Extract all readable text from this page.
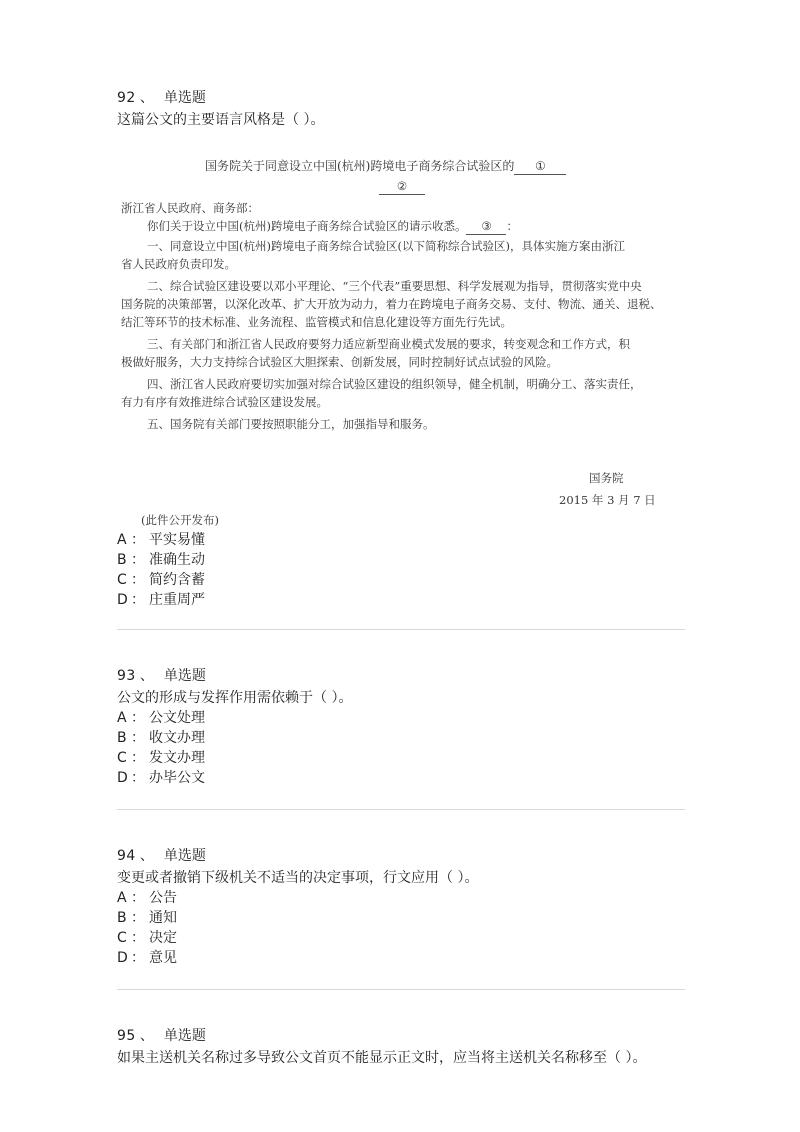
92 、 单选题
这篇公文的主要语言风格是（ ）。
国务院关于同意设立中国(杭州)跨境电子商务综合试验区的 ①
②
浙江省人民政府、商务部：
你们关于设立中国(杭州)跨境电子商务综合试验区的请示收悉。 ③ ：
一、同意设立中国(杭州)跨境电子商务综合试验区(以下简称综合试验区)，具体实施方案由浙江
省人民政府负责印发。
二、综合试验区建设要以邓小平理论、“三个代表”重要思想、科学发展观为指导，贯彻落实党中央
国务院的决策部署，以深化改革、扩大开放为动力，着力在跨境电子商务交易、支付、物流、通关、退税、
结汇等环节的技术标准、业务流程、监管模式和信息化建设等方面先行先试。
三、有关部门和浙江省人民政府要努力适应新型商业模式发展的要求，转变观念和工作方式，积
极做好服务，大力支持综合试验区大胆探索、创新发展，同时控制好试点试验的风险。
四、浙江省人民政府要切实加强对综合试验区建设的组织领导，健全机制，明确分工、落实责任，
有力有序有效推进综合试验区建设发展。
五、国务院有关部门要按照职能分工，加强指导和服务。
国务院
2015 年 3 月 7 日
(此件公开发布)
A ： 平实易懂
B ： 准确生动
C ： 简约含蓄
D ： 庄重周严
93 、 单选题
公文的形成与发挥作用需依赖于（ ）。
A ： 公文处理
B ： 收文办理
C ： 发文办理
D ： 办毕公文
94 、 单选题
变更或者撤销下级机关不适当的决定事项，行文应用（ ）。
A ： 公告
B ： 通知
C ： 决定
D ： 意见
95 、 单选题
如果主送机关名称过多导致公文首页不能显示正文时，应当将主送机关名称移至（ ）。
